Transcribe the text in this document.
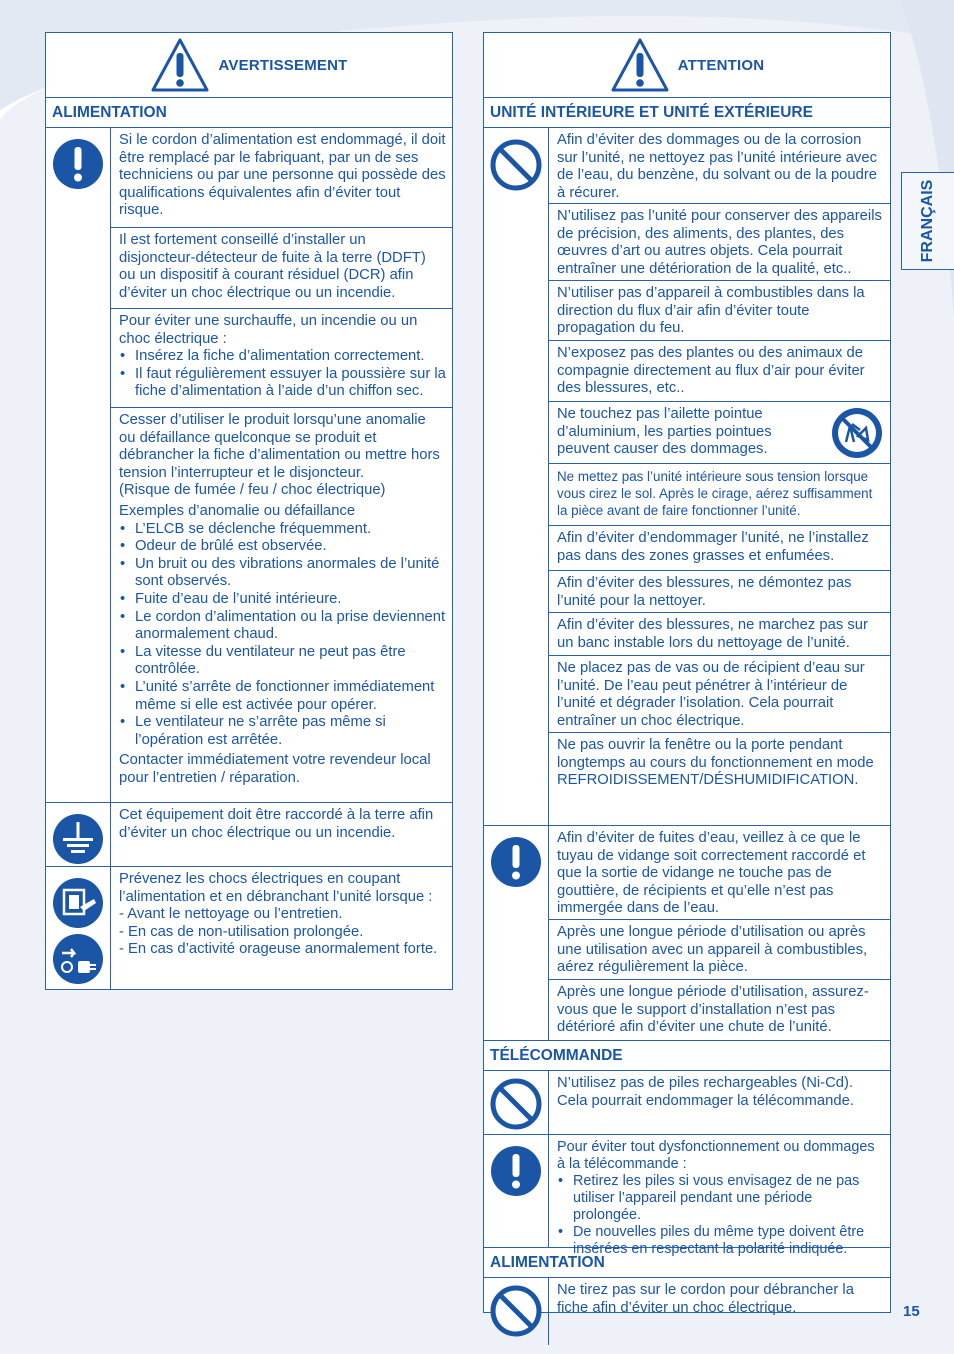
FRANÇAIS
15
AVERTISSEMENT
ALIMENTATION

Si le cordon d’alimentation est endommagé, il doit être remplacé par le fabriquant, par un de ses techniciens ou par une personne qui possède des qualifications équivalentes afin d’éviter tout risque.

Il est fortement conseillé d’installer un disjoncteur-détecteur de fuite à la terre (DDFT) ou un dispositif à courant résiduel (DCR) afin d’éviter un choc électrique ou un incendie.

Pour éviter une surchauffe, un incendie ou un choc électrique :

• Insérez la fiche d’alimentation correctement.
• Il faut régulièrement essuyer la poussière sur la fiche d’alimentation à l’aide d’un chiffon sec.

Cesser d’utiliser le produit lorsqu’une anomalie ou défaillance quelconque se produit et débrancher la fiche d’alimentation ou mettre hors tension l’interrupteur et le disjoncteur.

(Risque de fumée / feu / choc électrique)

Exemples d’anomalie ou défaillance

• L’ELCB se déclenche fréquemment.
• Odeur de brûlé est observée.
• Un bruit ou des vibrations anormales de l’unité sont observés.
• Fuite d’eau de l’unité intérieure.
• Le cordon d’alimentation ou la prise deviennent anormalement chaud.
• La vitesse du ventilateur ne peut pas être contrôlée.
• L’unité s’arrête de fonctionner immédiatement même si elle est activée pour opérer.
• Le ventilateur ne s’arrête pas même si l’opération est arrêtée.

Contacter immédiatement votre revendeur local pour l’entretien / réparation.

Cet équipement doit être raccordé à la terre afin d’éviter un choc électrique ou un incendie.

Prévenez les chocs électriques en coupant l’alimentation et en débranchant l’unité lorsque :

- Avant le nettoyage ou l’entretien.

- En cas de non-utilisation prolongée.

- En cas d’activité orageuse anormalement forte.

ATTENTION
UNITÉ INTÉRIEURE ET UNITÉ EXTÉRIEURE

Afin d’éviter des dommages ou de la corrosion sur l’unité, ne nettoyez pas l’unité intérieure avec de l’eau, du benzène, du solvant ou de la poudre à récurer.

N’utilisez pas l’unité pour conserver des appareils de précision, des aliments, des plantes, des œuvres d’art ou autres objets. Cela pourrait entraîner une détérioration de la qualité, etc..

N’utiliser pas d’appareil à combustibles dans la direction du flux d’air afin d’éviter toute propagation du feu.

N’exposez pas des plantes ou des animaux de compagnie directement au flux d’air pour éviter des blessures, etc..

Ne touchez pas l’ailette pointue d’aluminium, les parties pointues peuvent causer des dommages.

Ne mettez pas l’unité intérieure sous tension lorsque vous cirez le sol. Après le cirage, aérez suffisamment la pièce avant de faire fonctionner l’unité.

Afin d’éviter d’endommager l’unité, ne l’installez pas dans des zones grasses et enfumées.

Afin d’éviter des blessures, ne démontez pas l’unité pour la nettoyer.

Afin d’éviter des blessures, ne marchez pas sur un banc instable lors du nettoyage de l’unité.

Ne placez pas de vas ou de récipient d’eau sur l’unité. De l’eau peut pénétrer à l’intérieur de l’unité et dégrader l’isolation. Cela pourrait entraîner un choc électrique.

Ne pas ouvrir la fenêtre ou la porte pendant longtemps au cours du fonctionnement en mode REFROIDISSEMENT/DÉSHUMIDIFICATION.

Afin d’éviter de fuites d’eau, veillez à ce que le tuyau de vidange soit correctement raccordé et que la sortie de vidange ne touche pas de gouttière, de récipients et qu’elle n’est pas immergée dans de l’eau.

Après une longue période d’utilisation ou après une utilisation avec un appareil à combustibles, aérez régulièrement la pièce.

Après une longue période d’utilisation, assurez-vous que le support d’installation n’est pas détérioré afin d’éviter une chute de l’unité.

TÉLÉCOMMANDE

N’utilisez pas de piles rechargeables (Ni-Cd). Cela pourrait endommager la télécommande.

Pour éviter tout dysfonctionnement ou dommages à la télécommande :

• Retirez les piles si vous envisagez de ne pas utiliser l’appareil pendant une période prolongée.
• De nouvelles piles du même type doivent être insérées en respectant la polarité indiquée.
ALIMENTATION

Ne tirez pas sur le cordon pour débrancher la fiche afin d’éviter un choc électrique.
